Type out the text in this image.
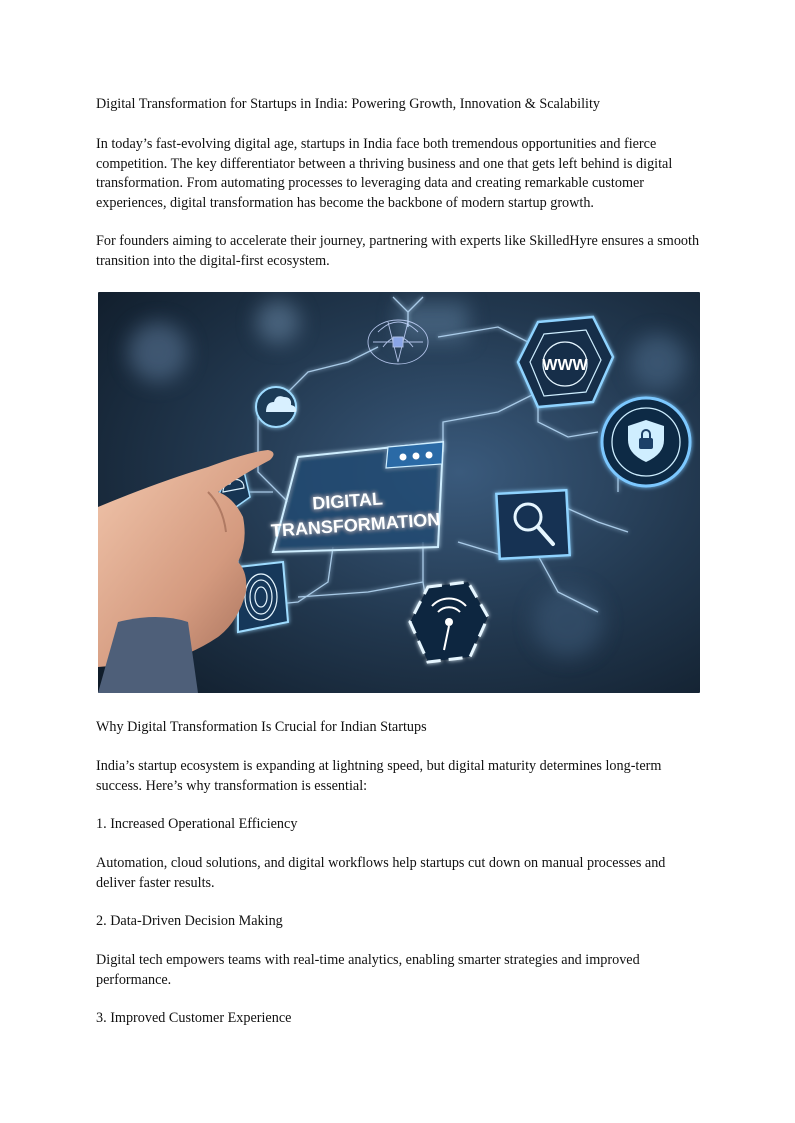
Digital Transformation for Startups in India: Powering Growth, Innovation & Scalability

In today’s fast-evolving digital age, startups in India face both tremendous opportunities and fierce competition. The key differentiator between a thriving business and one that gets left behind is digital transformation. From automating processes to leveraging data and creating remarkable customer experiences, digital transformation has become the backbone of modern startup growth.

For founders aiming to accelerate their journey, partnering with experts like SkilledHyre ensures a smooth transition into the digital-first ecosystem.

WWW
DIGITAL
TRANSFORMATION

Why Digital Transformation Is Crucial for Indian Startups

India’s startup ecosystem is expanding at lightning speed, but digital maturity determines long-term success. Here’s why transformation is essential:

1. Increased Operational Efficiency

Automation, cloud solutions, and digital workflows help startups cut down on manual processes and deliver faster results.

2. Data-Driven Decision Making

Digital tech empowers teams with real-time analytics, enabling smarter strategies and improved performance.

3. Improved Customer Experience
